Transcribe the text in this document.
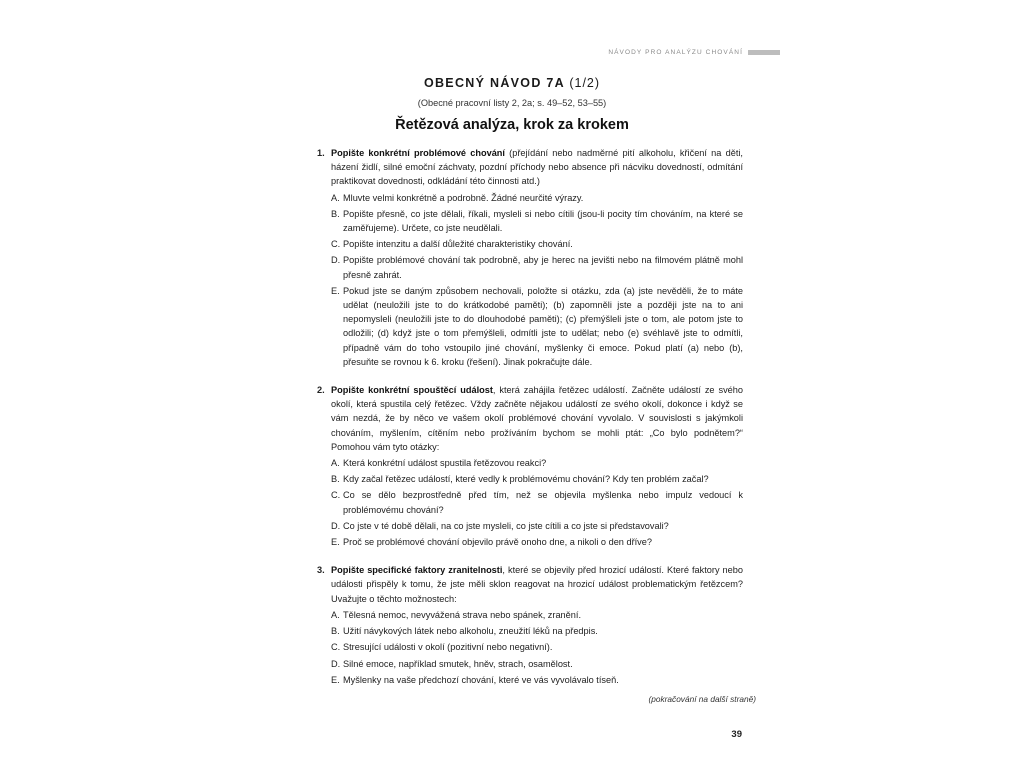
NÁVODY PRO ANALÝZU CHOVÁNÍ
OBECNÝ NÁVOD 7A (1/2)
(Obecné pracovní listy 2, 2a; s. 49–52, 53–55)
Řetězová analýza, krok za krokem
1. Popište konkrétní problémové chování (přejídání nebo nadměrné pití alkoholu, křičení na děti, házení židlí, silné emoční záchvaty, pozdní příchody nebo absence při nácviku dovedností, odmítání praktikovat dovednosti, odkládání této činnosti atd.)
A. Mluvte velmi konkrétně a podrobně. Žádné neurčité výrazy.
B. Popište přesně, co jste dělali, říkali, mysleli si nebo cítili (jsou-li pocity tím chováním, na které se zaměřujeme). Určete, co jste neudělali.
C. Popište intenzitu a další důležité charakteristiky chování.
D. Popište problémové chování tak podrobně, aby je herec na jevišti nebo na filmovém plátně mohl přesně zahrát.
E. Pokud jste se daným způsobem nechovali, položte si otázku, zda (a) jste nevěděli, že to máte udělat (neuložili jste to do krátkodobé paměti); (b) zapomněli jste a později jste na to ani nepomysleli (neuložili jste to do dlouhodobé paměti); (c) přemýšleli jste o tom, ale potom jste to odložili; (d) když jste o tom přemýšleli, odmítli jste to udělat; nebo (e) svéhlavě jste to odmítli, případně vám do toho vstoupilo jiné chování, myšlenky či emoce. Pokud platí (a) nebo (b), přesuňte se rovnou k 6. kroku (řešení). Jinak pokračujte dále.
2. Popište konkrétní spouštěcí událost, která zahájila řetězec událostí. Začněte událostí ze svého okolí, která spustila celý řetězec. Vždy začněte nějakou událostí ze svého okolí, dokonce i když se vám nezdá, že by něco ve vašem okolí problémové chování vyvolalo. V souvislosti s jakýmkoli chováním, myšlením, cítěním nebo prožíváním bychom se mohli ptát: „Co bylo podnětem?“ Pomohou vám tyto otázky:
A. Která konkrétní událost spustila řetězovou reakci?
B. Kdy začal řetězec událostí, které vedly k problémovému chování? Kdy ten problém začal?
C. Co se dělo bezprostředně před tím, než se objevila myšlenka nebo impulz vedoucí k problémovému chování?
D. Co jste v té době dělali, na co jste mysleli, co jste cítili a co jste si představovali?
E. Proč se problémové chování objevilo právě onoho dne, a nikoli o den dříve?
3. Popište specifické faktory zranitelnosti, které se objevily před hrozicí událostí. Které faktory nebo události přispěly k tomu, že jste měli sklon reagovat na hrozicí událost problematickým řetězcem? Uvažujte o těchto možnostech:
A. Tělesná nemoc, nevyvážená strava nebo spánek, zranění.
B. Užití návykových látek nebo alkoholu, zneužití léků na předpis.
C. Stresující události v okolí (pozitivní nebo negativní).
D. Silné emoce, například smutek, hněv, strach, osamělost.
E. Myšlenky na vaše předchozí chování, které ve vás vyvolávalo tíseň.
(pokračování na další straně)
39
